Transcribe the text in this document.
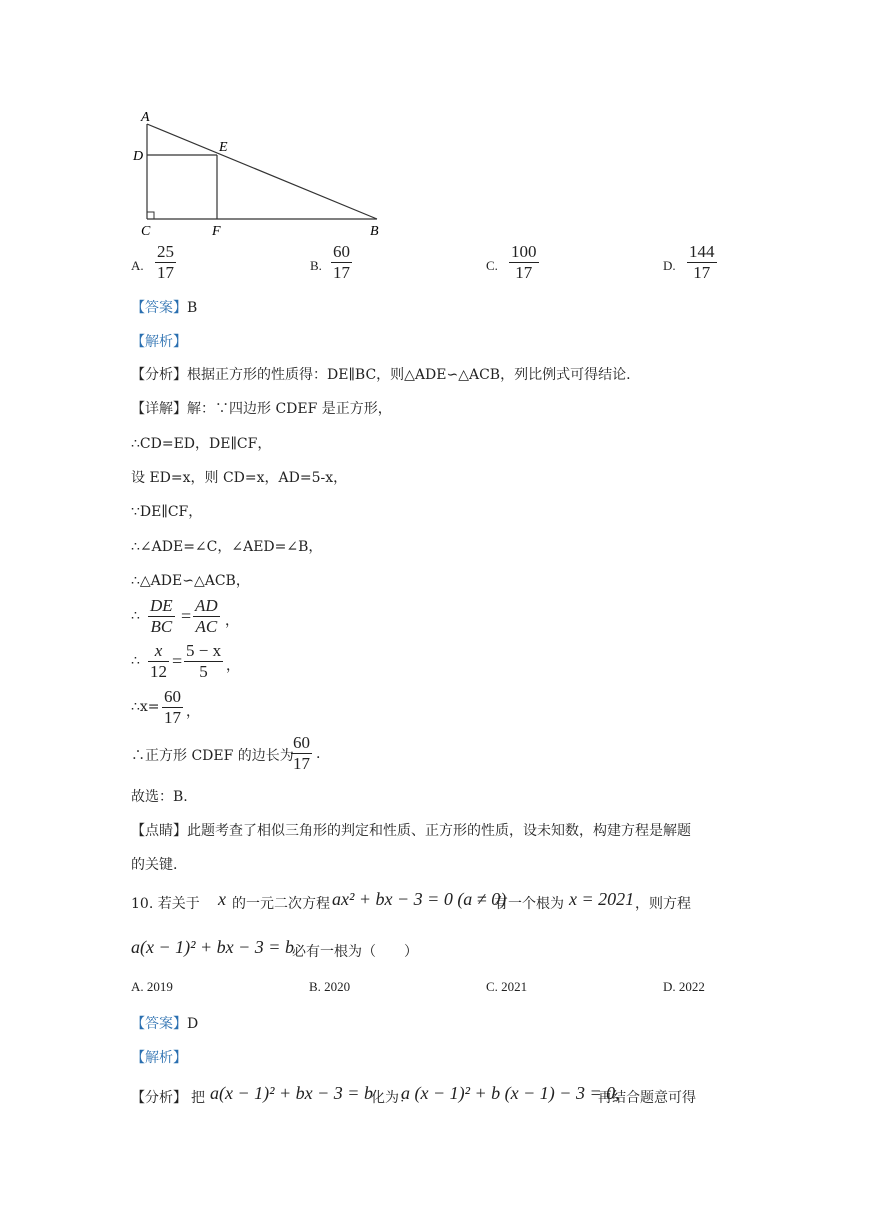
A
D
E
C	F	B
A. $\frac{25}{17}$	B. $\frac{60}{17}$	C. $\frac{100}{17}$	D. $\frac{144}{17}$
【答案】B
【解析】
【分析】根据正方形的性质得：DE∥BC，则△ADE∽△ACB，列比例式可得结论.
【详解】解：∵四边形 CDEF 是正方形，
∴CD=ED，DE∥CF，
设 ED=x，则 CD=x，AD=5-x，
∵DE∥CF，
∴∠ADE=∠C，∠AED=∠B，
∴△ADE∽△ACB，
∴ $\frac{DE}{BC} = \frac{AD}{AC}$ ，
∴ $\frac{x}{12} = \frac{5 - x}{5}$ ，
∴x= $\frac{60}{17}$ ，
∴正方形 CDEF 的边长为
$\frac{60}{17}$ .
故选：B.
【点睛】此题考查了相似三角形的判定和性质、正方形的性质，设未知数，构建方程是解题
的关键.
10. 若关于 x 的一元二次方程 ax² + bx − 3 = 0 (a ≠ 0)
有一个根为 x = 2021 ，则方程
a(x − 1)² + bx − 3 = b
必有一根为（　　）
A. 2019	B. 2020	C. 2021	D. 2022
【答案】D
【解析】
【分析】 把 a(x − 1)² + bx − 3 = b
化为：
a (x − 1)² + b (x − 1) − 3 = 0,
再结合题意可得
